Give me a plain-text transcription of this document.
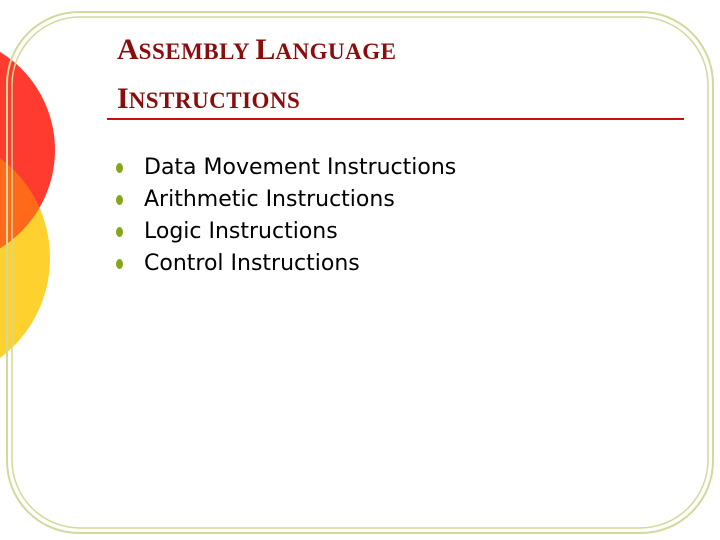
ASSEMBLY LANGUAGE
INSTRUCTIONS
Data Movement Instructions
Arithmetic Instructions
Logic Instructions
Control Instructions
